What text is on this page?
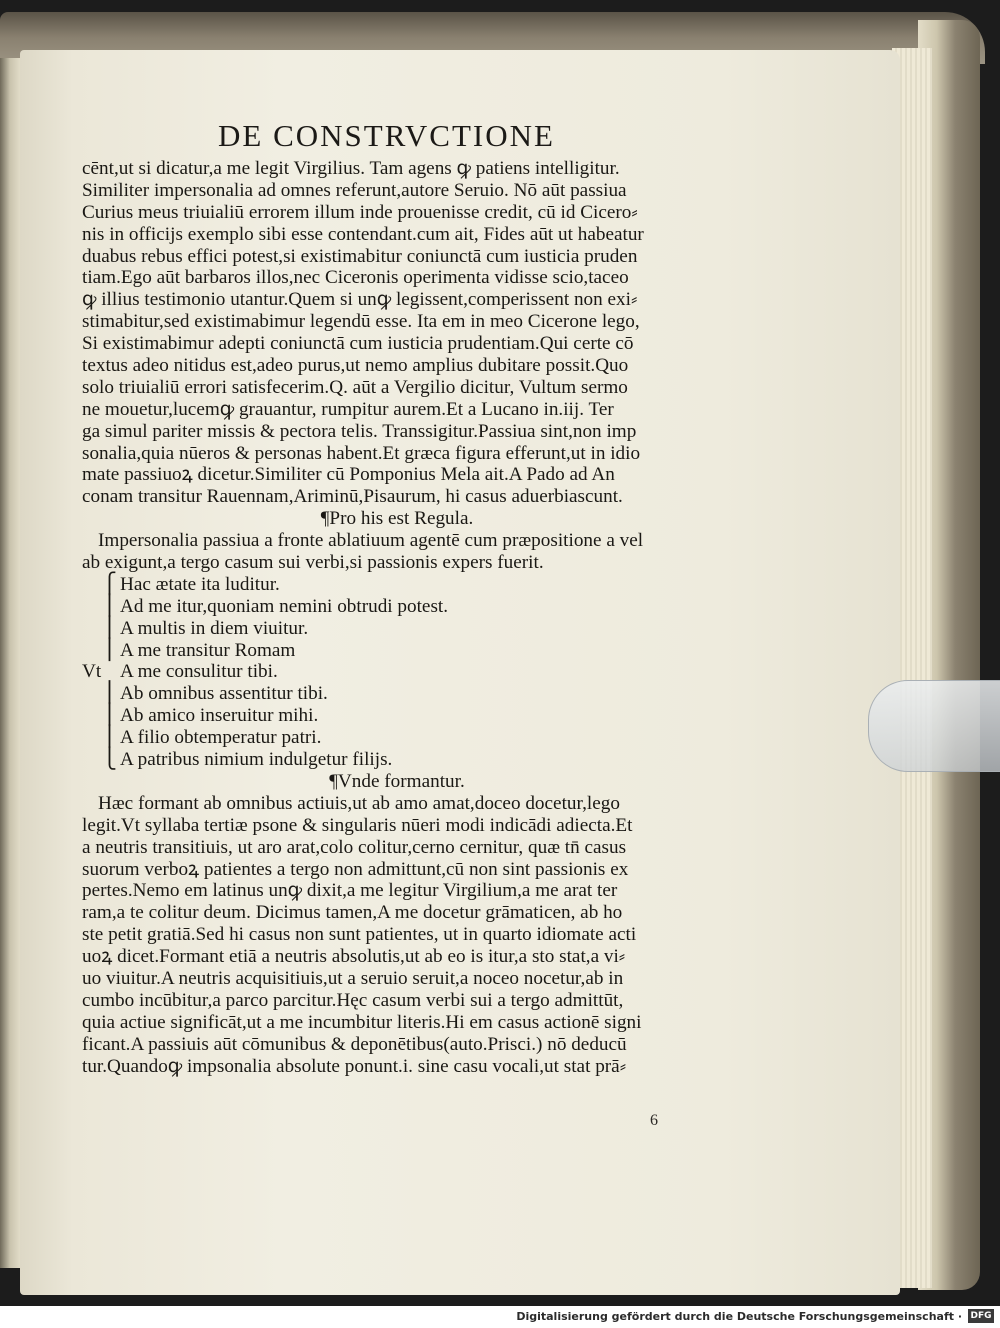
DE CONSTRVCTIONE
cēnt,ut si dicatur,a me legit Virgilius. Tam agens ꝙ patiens intelligitur.
Similiter impersonalia ad omnes referunt,autore Seruio. Nō aūt passiua
Curius meus triuialiū errorem illum inde prouenisse credit, cū id Cicero⸗
nis in officijs exemplo sibi esse contendant.cum ait, Fides aūt ut habeatur
duabus rebus effici potest,si existimabitur coniunctā cum iusticia pruden
tiam.Ego aūt barbaros illos,nec Ciceronis operimenta vidisse scio,taceo
ꝙ illius testimonio utantur.Quem si unꝙ legissent,comperissent non exi⸗
stimabitur,sed existimabimur legendū esse. Ita em in meo Cicerone lego,
Si existimabimur adepti coniunctā cum iusticia prudentiam.Qui certe cō
textus adeo nitidus est,adeo purus,ut nemo amplius dubitare possit.Quo
solo triuialiū errori satisfecerim.Q. aūt a Vergilio dicitur, Vultum sermo
ne mouetur,lucemꝙ grauantur, rumpitur aurem.Et a Lucano in.iij. Ter
ga simul pariter missis & pectora telis. Transsigitur.Passiua sint,non imp
sonalia,quia nūeros & personas habent.Et græca figura efferunt,ut in idio
mate passiuoꝝ dicetur.Similiter cū Pomponius Mela ait.A Pado ad An
conam transitur Rauennam,Ariminū,Pisaurum, hi casus aduerbiascunt.
¶Pro his est Regula.
Impersonalia passiua a fronte ablatiuum agentē cum præpositione a vel
ab exigunt,a tergo casum sui verbi,si passionis expers fuerit.
⎧ Hac ætate ita luditur.
⎪ Ad me itur,quoniam nemini obtrudi potest.
⎪ A multis in diem viuitur.
⎪ A me transitur Romam
Vt A me consulitur tibi.
⎪ Ab omnibus assentitur tibi.
⎪ Ab amico inseruitur mihi.
⎪ A filio obtemperatur patri.
⎩ A patribus nimium indulgetur filijs.
¶Vnde formantur.
Hæc formant ab omnibus actiuis,ut ab amo amat,doceo docetur,lego
legit.Vt syllaba tertiæ psone & singularis nūeri modi indicādi adiecta.Et
a neutris transitiuis, ut aro arat,colo colitur,cerno cernitur, quæ tn̄ casus
suorum verboꝝ patientes a tergo non admittunt,cū non sint passionis ex
pertes.Nemo em latinus unꝙ dixit,a me legitur Virgilium,a me arat ter
ram,a te colitur deum. Dicimus tamen,A me docetur grāmaticen, ab ho
ste petit gratiā.Sed hi casus non sunt patientes, ut in quarto idiomate acti
uoꝝ dicet.Formant etiā a neutris absolutis,ut ab eo is itur,a sto stat,a vi⸗
uo viuitur.A neutris acquisitiuis,ut a seruio seruit,a noceo nocetur,ab in
cumbo incūbitur,a parco parcitur.Hęc casum verbi sui a tergo admittūt,
quia actiue significāt,ut a me incumbitur literis.Hi em casus actionē signi
ficant.A passiuis aūt cōmunibus & deponētibus(auto.Prisci.) nō deducū
tur.Quandoꝙ impsonalia absolute ponunt.i. sine casu vocali,ut stat prā⸗
6
Digitalisierung gefördert durch die Deutsche Forschungsgemeinschaft · DFG
